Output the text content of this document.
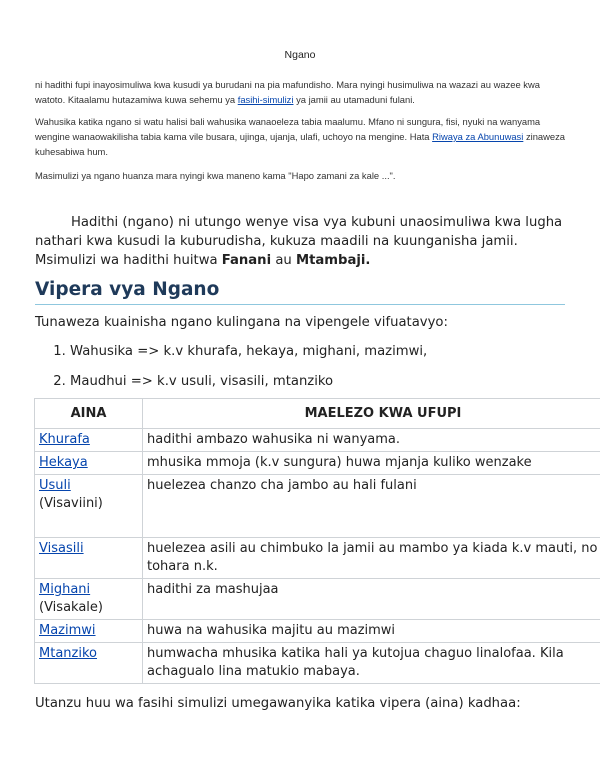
Ngano

ni hadithi fupi inayosimuliwa kwa kusudi ya burudani na pia mafundisho. Mara nyingi husimuliwa na wazazi au wazee kwa watoto. Kitaalamu hutazamiwa kuwa sehemu ya fasihi-simulizi ya jamii au utamaduni fulani.

Wahusika katika ngano si watu halisi bali wahusika wanaoeleza tabia maalumu. Mfano ni sungura, fisi, nyuki na wanyama wengine wanaowakilisha tabia kama vile busara, ujinga, ujanja, ulafi, uchoyo na mengine. Hata Riwaya za Abunuwasi zinaweza kuhesabiwa hum.

Masimulizi ya ngano huanza mara nyingi kwa maneno kama "Hapo zamani za kale ...".

Hadithi (ngano) ni utungo wenye visa vya kubuni unaosimuliwa kwa lugha nathari kwa kusudi la kuburudisha, kukuza maadili na kuunganisha jamii. Msimulizi wa hadithi huitwa Fanani au Mtambaji.

Vipera vya Ngano

Tunaweza kuainisha ngano kulingana na vipengele vifuatavyo:

1. Wahusika => k.v khurafa, hekaya, mighani, mazimwi,
2. Maudhui => k.v usuli, visasili, mtanziko
AINA	MAELEZO KWA UFUPI
Khurafa	hadithi ambazo wahusika ni wanyama.
Hekaya	mhusika mmoja (k.v sungura) huwa mjanja kuliko wenzake
Usuli (Visaviini)	huelezea chanzo cha jambo au hali fulani
Visasili	huelezea asili au chimbuko la jamii au mambo ya kiada k.v mauti, no tohara n.k.
Mighani (Visakale)	hadithi za mashujaa
Mazimwi	huwa na wahusika majitu au mazimwi
Mtanziko	humwacha mhusika katika hali ya kutojua chaguo linalofaa. Kila achagualo lina matukio mabaya.

Utanzu huu wa fasihi simulizi umegawanyika katika vipera (aina) kadhaa:
